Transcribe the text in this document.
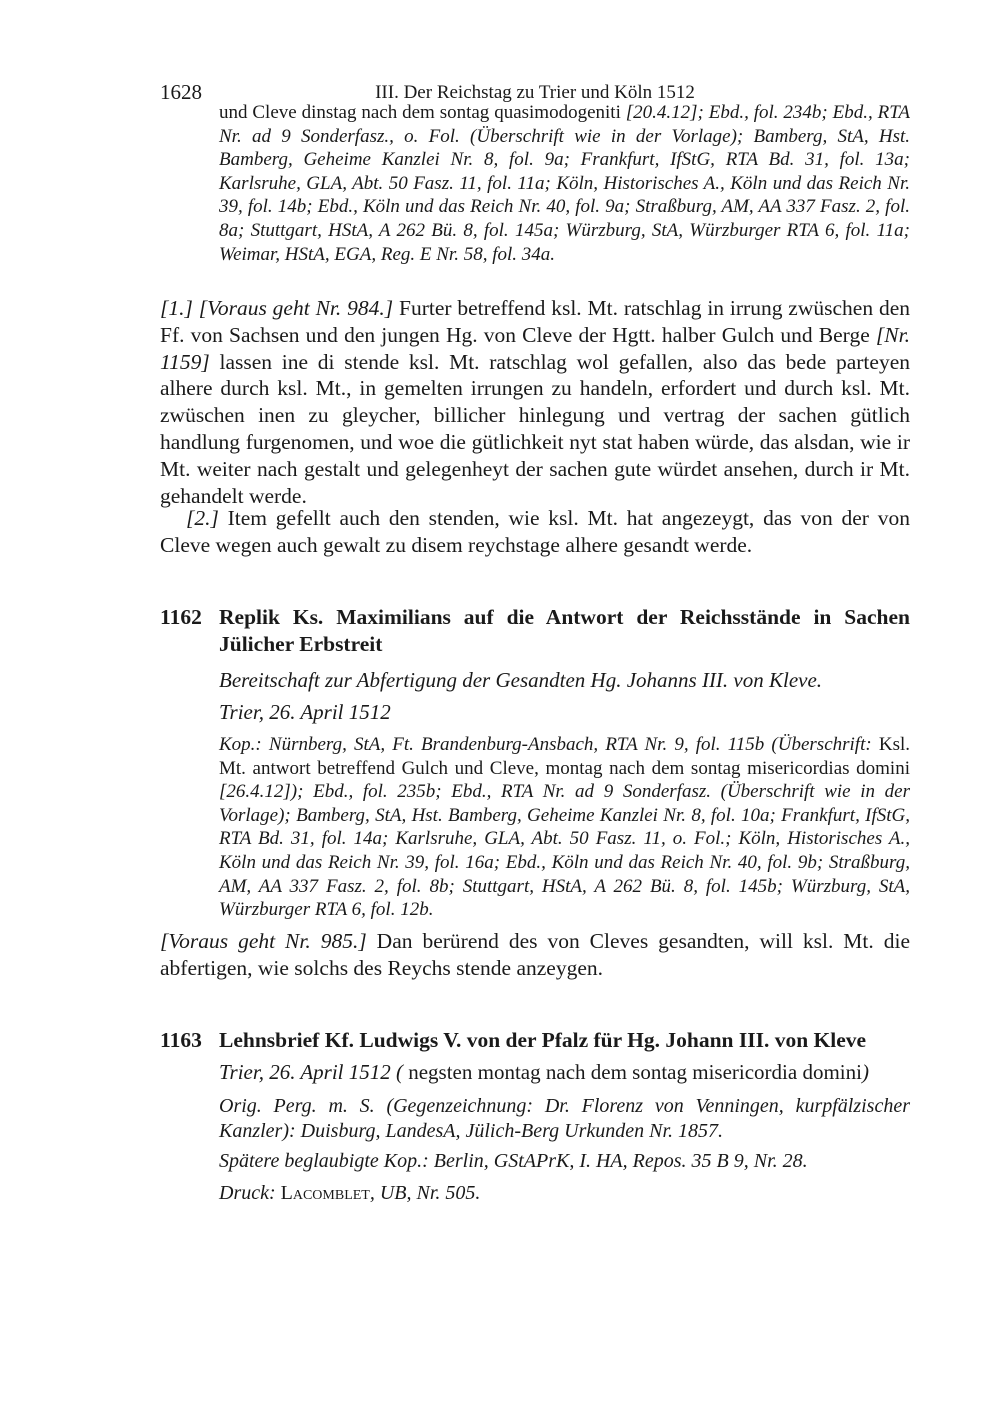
1628	III. Der Reichstag zu Trier und Köln 1512
und Cleve dinstag nach dem sontag quasimodogeniti [20.4.12]; Ebd., fol. 234b; Ebd., RTA Nr. ad 9 Sonderfasz., o. Fol. (Überschrift wie in der Vorlage); Bamberg, StA, Hst. Bamberg, Geheime Kanzlei Nr. 8, fol. 9a; Frankfurt, IfStG, RTA Bd. 31, fol. 13a; Karlsruhe, GLA, Abt. 50 Fasz. 11, fol. 11a; Köln, Historisches A., Köln und das Reich Nr. 39, fol. 14b; Ebd., Köln und das Reich Nr. 40, fol. 9a; Straßburg, AM, AA 337 Fasz. 2, fol. 8a; Stuttgart, HStA, A 262 Bü. 8, fol. 145a; Würzburg, StA, Würzburger RTA 6, fol. 11a; Weimar, HStA, EGA, Reg. E Nr. 58, fol. 34a.
[1.] [Voraus geht Nr. 984.] Furter betreffend ksl. Mt. ratschlag in irrung zwüschen den Ff. von Sachsen und den jungen Hg. von Cleve der Hgtt. halber Gulch und Berge [Nr. 1159] lassen ine di stende ksl. Mt. ratschlag wol gefallen, also das bede parteyen alhere durch ksl. Mt., in gemelten irrungen zu handeln, erfordert und durch ksl. Mt. zwüschen inen zu gleycher, billicher hinlegung und vertrag der sachen gütlich handlung furgenomen, und woe die gütlichkeit nyt stat haben würde, das alsdan, wie ir Mt. weiter nach gestalt und gelegenheyt der sachen gute würdet ansehen, durch ir Mt. gehandelt werde.
[2.] Item gefellt auch den stenden, wie ksl. Mt. hat angezeygt, das von der von Cleve wegen auch gewalt zu disem reychstage alhere gesandt werde.
1162 Replik Ks. Maximilians auf die Antwort der Reichsstände in Sachen Jülicher Erbstreit
Bereitschaft zur Abfertigung der Gesandten Hg. Johanns III. von Kleve.
Trier, 26. April 1512
Kop.: Nürnberg, StA, Ft. Brandenburg-Ansbach, RTA Nr. 9, fol. 115b (Überschrift: Ksl. Mt. antwort betreffend Gulch und Cleve, montag nach dem sontag misericordias domini [26.4.12]); Ebd., fol. 235b; Ebd., RTA Nr. ad 9 Sonderfasz. (Überschrift wie in der Vorlage); Bamberg, StA, Hst. Bamberg, Geheime Kanzlei Nr. 8, fol. 10a; Frankfurt, IfStG, RTA Bd. 31, fol. 14a; Karlsruhe, GLA, Abt. 50 Fasz. 11, o. Fol.; Köln, Historisches A., Köln und das Reich Nr. 39, fol. 16a; Ebd., Köln und das Reich Nr. 40, fol. 9b; Straßburg, AM, AA 337 Fasz. 2, fol. 8b; Stuttgart, HStA, A 262 Bü. 8, fol. 145b; Würzburg, StA, Würzburger RTA 6, fol. 12b.
[Voraus geht Nr. 985.] Dan berürend des von Cleves gesandten, will ksl. Mt. die abfertigen, wie solchs des Reychs stende anzeygen.
1163 Lehnsbrief Kf. Ludwigs V. von der Pfalz für Hg. Johann III. von Kleve
Trier, 26. April 1512 ( negsten montag nach dem sontag misericordia domini)
Orig. Perg. m. S. (Gegenzeichnung: Dr. Florenz von Venningen, kurpfälzischer Kanzler): Duisburg, LandesA, Jülich-Berg Urkunden Nr. 1857.
Spätere beglaubigte Kop.: Berlin, GStAPrK, I. HA, Repos. 35 B 9, Nr. 28.
Druck: Lacomblet, UB, Nr. 505.
